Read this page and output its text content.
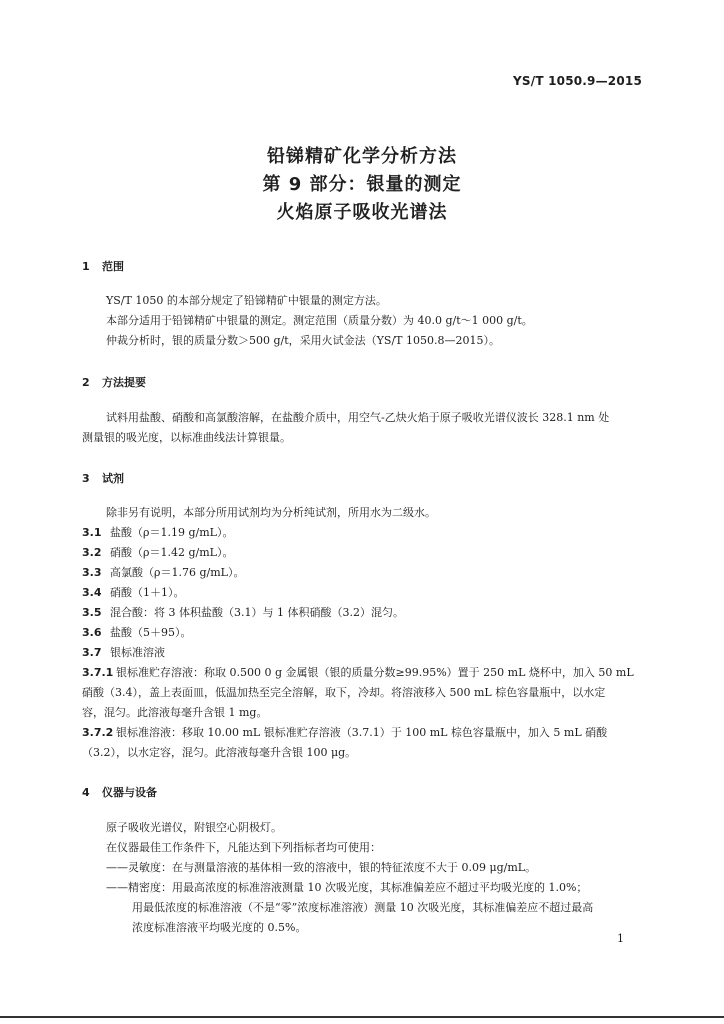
YS/T 1050.9—2015
铅锑精矿化学分析方法
第 9 部分：银量的测定
火焰原子吸收光谱法
1 范围
YS/T 1050 的本部分规定了铅锑精矿中银量的测定方法。
本部分适用于铅锑精矿中银量的测定。测定范围（质量分数）为 40.0 g/t～1 000 g/t。
仲裁分析时，银的质量分数＞500 g/t，采用火试金法（YS/T 1050.8—2015）。
2 方法提要
试料用盐酸、硝酸和高氯酸溶解，在盐酸介质中，用空气-乙炔火焰于原子吸收光谱仪波长 328.1 nm 处
测量银的吸光度，以标准曲线法计算银量。
3 试剂
除非另有说明，本部分所用试剂均为分析纯试剂，所用水为二级水。
3.1 盐酸（ρ＝1.19 g/mL）。
3.2 硝酸（ρ＝1.42 g/mL）。
3.3 高氯酸（ρ＝1.76 g/mL）。
3.4 硝酸（1＋1）。
3.5 混合酸：将 3 体积盐酸（3.1）与 1 体积硝酸（3.2）混匀。
3.6 盐酸（5＋95）。
3.7 银标准溶液
3.7.1 银标准贮存溶液：称取 0.500 0 g 金属银（银的质量分数≥99.95%）置于 250 mL 烧杯中，加入 50 mL
硝酸（3.4），盖上表面皿，低温加热至完全溶解，取下，冷却。将溶液移入 500 mL 棕色容量瓶中，以水定
容，混匀。此溶液每毫升含银 1 mg。
3.7.2 银标准溶液：移取 10.00 mL 银标准贮存溶液（3.7.1）于 100 mL 棕色容量瓶中，加入 5 mL 硝酸
（3.2），以水定容，混匀。此溶液每毫升含银 100 μg。
4 仪器与设备
原子吸收光谱仪，附银空心阴极灯。
在仪器最佳工作条件下，凡能达到下列指标者均可使用：
——灵敏度：在与测量溶液的基体相一致的溶液中，银的特征浓度不大于 0.09 μg/mL。
——精密度：用最高浓度的标准溶液测量 10 次吸光度，其标准偏差应不超过平均吸光度的 1.0%；
用最低浓度的标准溶液（不是“零”浓度标准溶液）测量 10 次吸光度，其标准偏差应不超过最高
浓度标准溶液平均吸光度的 0.5%。
1
